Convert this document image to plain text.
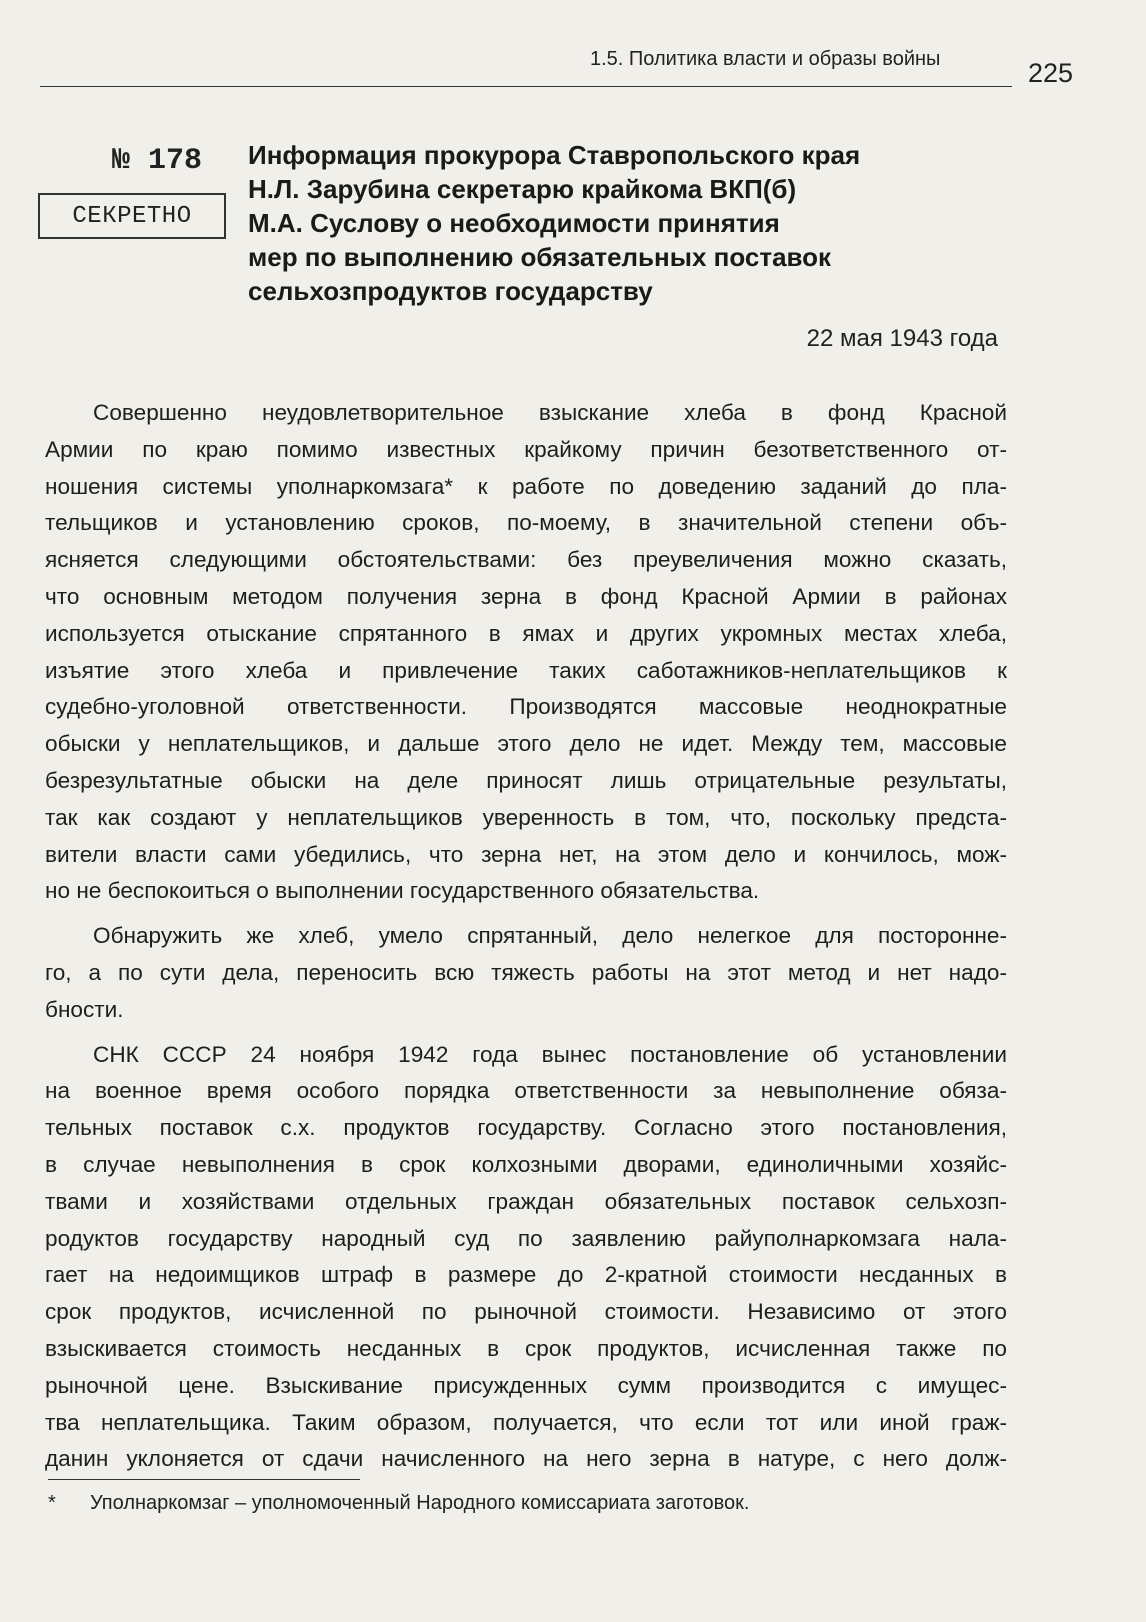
1.5. Политика власти и образы войны	225
№ 178
СЕКРЕТНО
Информация прокурора Ставропольского края
Н.Л. Зарубина секретарю крайкома ВКП(б)
М.А. Суслову о необходимости принятия
мер по выполнению обязательных поставок
сельхозпродуктов государству
22 мая 1943 года
Совершенно неудовлетворительное взыскание хлеба в фонд Красной
Армии по краю помимо известных крайкому причин безответственного от-
ношения системы уполнаркомзага* к работе по доведению заданий до пла-
тельщиков и установлению сроков, по-моему, в значительной степени объ-
ясняется следующими обстоятельствами: без преувеличения можно сказать,
что основным методом получения зерна в фонд Красной Армии в районах
используется отыскание спрятанного в ямах и других укромных местах хлеба,
изъятие этого хлеба и привлечение таких саботажников-неплательщиков к
судебно-уголовной ответственности. Производятся массовые неоднократные
обыски у неплательщиков, и дальше этого дело не идет. Между тем, массовые
безрезультатные обыски на деле приносят лишь отрицательные результаты,
так как создают у неплательщиков уверенность в том, что, поскольку предста-
вители власти сами убедились, что зерна нет, на этом дело и кончилось, мож-
но не беспокоиться о выполнении государственного обязательства.
Обнаружить же хлеб, умело спрятанный, дело нелегкое для посторонне-
го, а по сути дела, переносить всю тяжесть работы на этот метод и нет надо-
бности.
СНК СССР 24 ноября 1942 года вынес постановление об установлении
на военное время особого порядка ответственности за невыполнение обяза-
тельных поставок с.х. продуктов государству. Согласно этого постановления,
в случае невыполнения в срок колхозными дворами, единоличными хозяйс-
твами и хозяйствами отдельных граждан обязательных поставок сельхозп-
родуктов государству народный суд по заявлению райуполнаркомзага нала-
гает на недоимщиков штраф в размере до 2-кратной стоимости несданных в
срок продуктов, исчисленной по рыночной стоимости. Независимо от этого
взыскивается стоимость несданных в срок продуктов, исчисленная также по
рыночной цене. Взыскивание присужденных сумм производится с имущес-
тва неплательщика. Таким образом, получается, что если тот или иной граж-
данин уклоняется от сдачи начисленного на него зерна в натуре, с него долж-
* Уполнаркомзаг – уполномоченный Народного комиссариата заготовок.
